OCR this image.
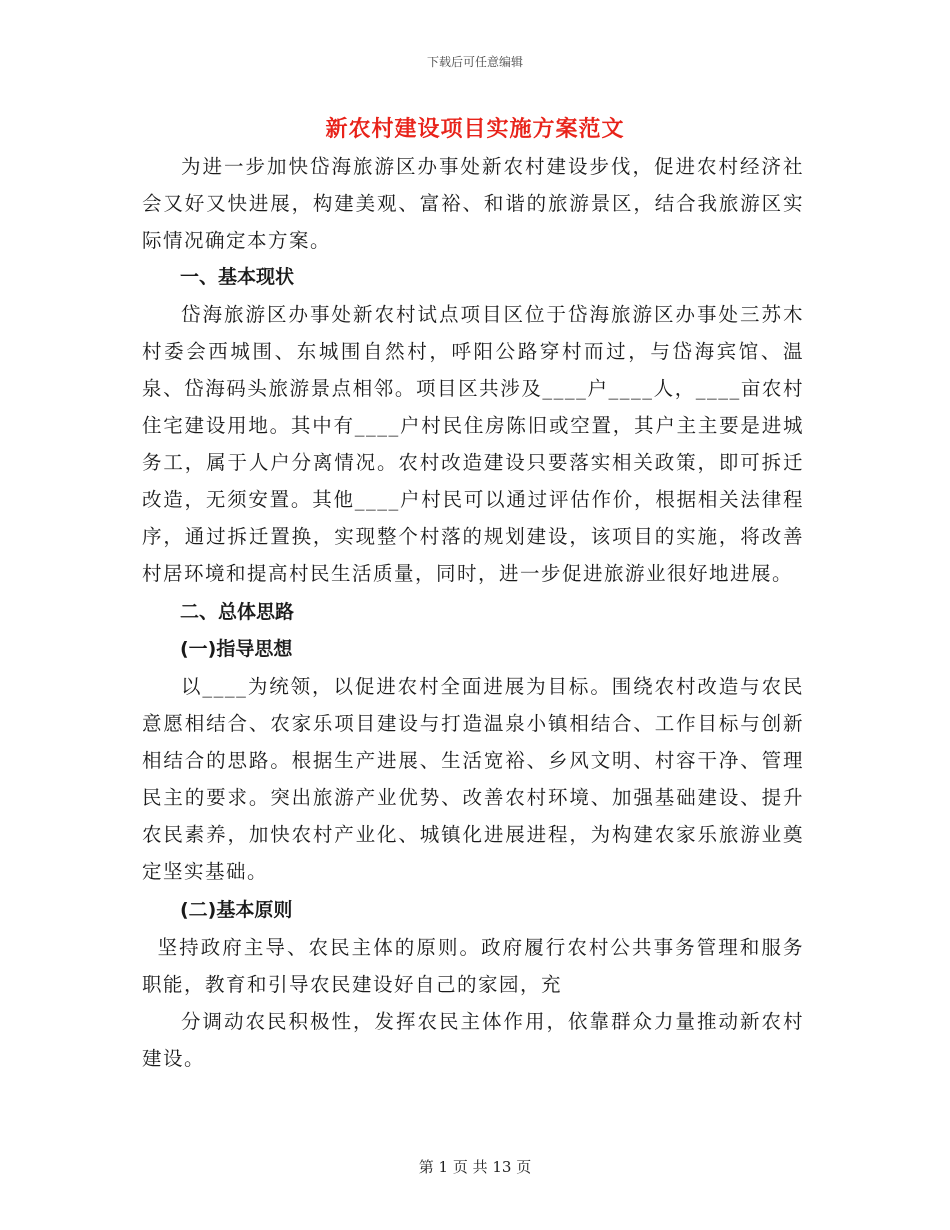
下载后可任意编辑
新农村建设项目实施方案范文

为进一步加快岱海旅游区办事处新农村建设步伐，促进农村经济社会又好又快进展，构建美观、富裕、和谐的旅游景区，结合我旅游区实际情况确定本方案。

一、基本现状

岱海旅游区办事处新农村试点项目区位于岱海旅游区办事处三苏木村委会西城围、东城围自然村，呼阳公路穿村而过，与岱海宾馆、温泉、岱海码头旅游景点相邻。项目区共涉及____户____人，____亩农村住宅建设用地。其中有____户村民住房陈旧或空置，其户主主要是进城务工，属于人户分离情况。农村改造建设只要落实相关政策，即可拆迁改造，无须安置。其他____户村民可以通过评估作价，根据相关法律程序，通过拆迁置换，实现整个村落的规划建设，该项目的实施，将改善村居环境和提高村民生活质量，同时，进一步促进旅游业很好地进展。

二、总体思路

(一)指导思想

以____为统领，以促进农村全面进展为目标。围绕农村改造与农民意愿相结合、农家乐项目建设与打造温泉小镇相结合、工作目标与创新相结合的思路。根据生产进展、生活宽裕、乡风文明、村容干净、管理民主的要求。突出旅游产业优势、改善农村环境、加强基础建设、提升农民素养，加快农村产业化、城镇化进展进程，为构建农家乐旅游业奠定坚实基础。

(二)基本原则

坚持政府主导、农民主体的原则。政府履行农村公共事务管理和服务职能，教育和引导农民建设好自己的家园，充

分调动农民积极性，发挥农民主体作用，依靠群众力量推动新农村建设。

第 1 页 共 13 页
